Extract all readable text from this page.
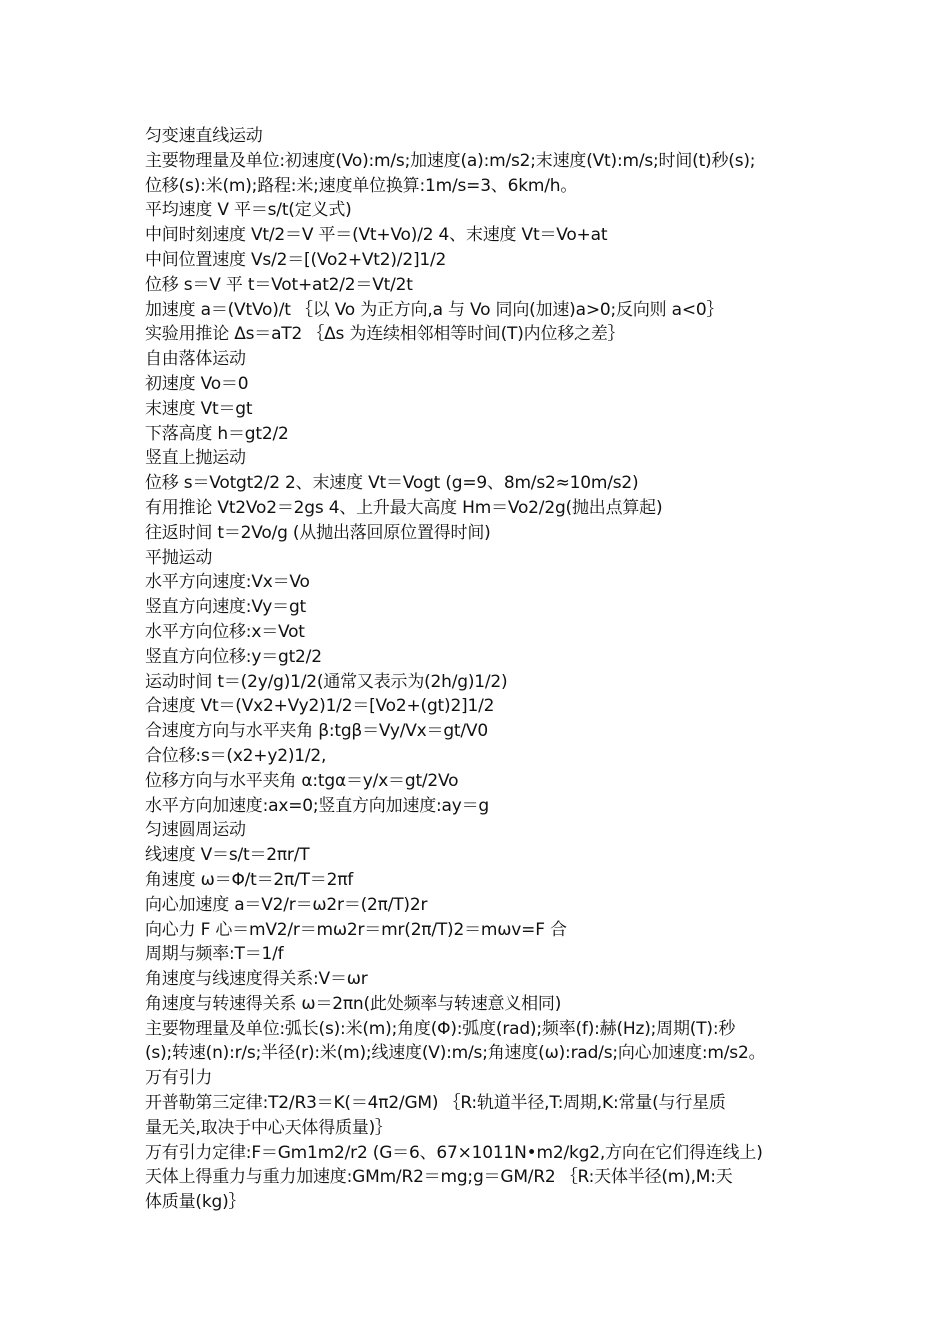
匀变速直线运动
主要物理量及单位:初速度(Vo):m/s;加速度(a):m/s2;末速度(Vt):m/s;时间(t)秒(s);
位移(s):米(m);路程:米;速度单位换算:1m/s=3、6km/h。
平均速度 V 平＝s/t(定义式)
中间时刻速度 Vt/2＝V 平＝(Vt+Vo)/2 4、末速度 Vt＝Vo+at
中间位置速度 Vs/2＝[(Vo2+Vt2)/2]1/2
位移 s＝V 平 t＝Vot+at2/2＝Vt/2t
加速度 a＝(VtVo)/t ｛以 Vo 为正方向,a 与 Vo 同向(加速)a>0;反向则 a<0｝
实验用推论 Δs＝aT2 ｛Δs 为连续相邻相等时间(T)内位移之差｝
自由落体运动
初速度 Vo＝0
末速度 Vt＝gt
下落高度 h＝gt2/2
竖直上抛运动
位移 s＝Votgt2/2 2、末速度 Vt＝Vogt (g=9、8m/s2≈10m/s2)
有用推论 Vt2Vo2＝2gs 4、上升最大高度 Hm＝Vo2/2g(抛出点算起)
往返时间 t＝2Vo/g (从抛出落回原位置得时间)
平抛运动
水平方向速度:Vx＝Vo
竖直方向速度:Vy＝gt
水平方向位移:x＝Vot
竖直方向位移:y＝gt2/2
运动时间 t＝(2y/g)1/2(通常又表示为(2h/g)1/2)
合速度 Vt＝(Vx2+Vy2)1/2＝[Vo2+(gt)2]1/2
合速度方向与水平夹角 β:tgβ＝Vy/Vx＝gt/V0
合位移:s＝(x2+y2)1/2,
位移方向与水平夹角 α:tgα＝y/x＝gt/2Vo
水平方向加速度:ax=0;竖直方向加速度:ay＝g
匀速圆周运动
线速度 V＝s/t＝2πr/T
角速度 ω＝Φ/t＝2π/T＝2πf
向心加速度 a＝V2/r＝ω2r＝(2π/T)2r
向心力 F 心＝mV2/r＝mω2r＝mr(2π/T)2＝mωv=F 合
周期与频率:T＝1/f
角速度与线速度得关系:V＝ωr
角速度与转速得关系 ω＝2πn(此处频率与转速意义相同)
主要物理量及单位:弧长(s):米(m);角度(Φ):弧度(rad);频率(f):赫(Hz);周期(T):秒
(s);转速(n):r/s;半径(r):米(m);线速度(V):m/s;角速度(ω):rad/s;向心加速度:m/s2。
万有引力
开普勒第三定律:T2/R3＝K(＝4π2/GM) ｛R:轨道半径,T:周期,K:常量(与行星质
量无关,取决于中心天体得质量)｝
万有引力定律:F＝Gm1m2/r2 (G＝6、67×1011N•m2/kg2,方向在它们得连线上)
天体上得重力与重力加速度:GMm/R2＝mg;g＝GM/R2 ｛R:天体半径(m),M:天
体质量(kg)｝
